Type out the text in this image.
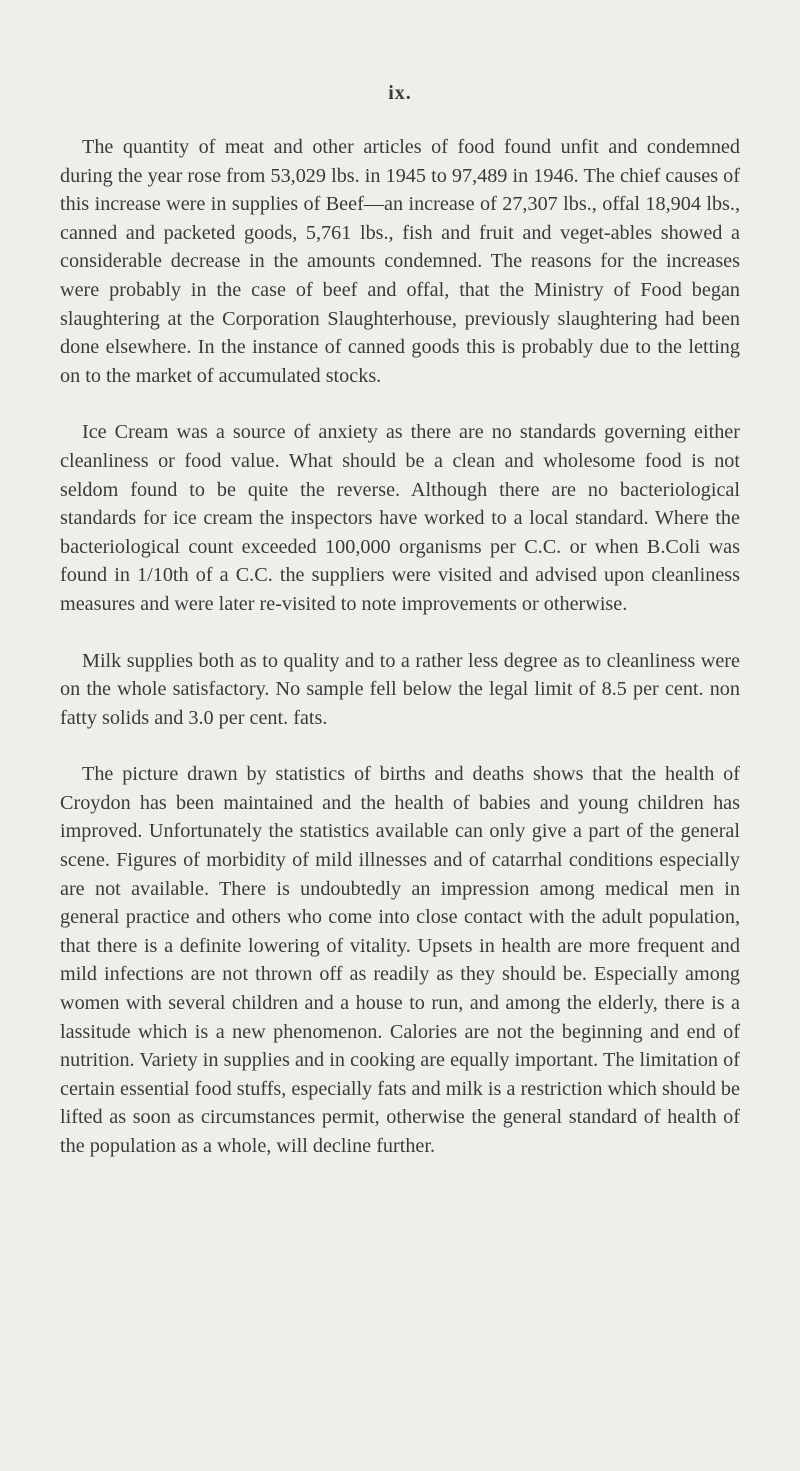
ix.

The quantity of meat and other articles of food found unfit and condemned during the year rose from 53,029 lbs. in 1945 to 97,489 in 1946. The chief causes of this increase were in supplies of Beef—an increase of 27,307 lbs., offal 18,904 lbs., canned and packeted goods, 5,761 lbs., fish and fruit and veget-ables showed a considerable decrease in the amounts condemned. The reasons for the increases were probably in the case of beef and offal, that the Ministry of Food began slaughtering at the Corporation Slaughterhouse, previously slaughtering had been done elsewhere. In the instance of canned goods this is probably due to the letting on to the market of accumulated stocks.

Ice Cream was a source of anxiety as there are no standards governing either cleanliness or food value. What should be a clean and wholesome food is not seldom found to be quite the reverse. Although there are no bacteriological standards for ice cream the inspectors have worked to a local standard. Where the bacteriological count exceeded 100,000 organisms per C.C. or when B.Coli was found in 1/10th of a C.C. the suppliers were visited and advised upon cleanliness measures and were later re-visited to note improvements or otherwise.

Milk supplies both as to quality and to a rather less degree as to cleanliness were on the whole satisfactory. No sample fell below the legal limit of 8.5 per cent. non fatty solids and 3.0 per cent. fats.

The picture drawn by statistics of births and deaths shows that the health of Croydon has been maintained and the health of babies and young children has improved. Unfortunately the statistics available can only give a part of the general scene. Figures of morbidity of mild illnesses and of catarrhal conditions especially are not available. There is undoubtedly an impression among medical men in general practice and others who come into close contact with the adult population, that there is a definite lowering of vitality. Upsets in health are more frequent and mild infections are not thrown off as readily as they should be. Especially among women with several children and a house to run, and among the elderly, there is a lassitude which is a new phenomenon. Calories are not the beginning and end of nutrition. Variety in supplies and in cooking are equally important. The limitation of certain essential food stuffs, especially fats and milk is a restriction which should be lifted as soon as circumstances permit, otherwise the general standard of health of the population as a whole, will decline further.
